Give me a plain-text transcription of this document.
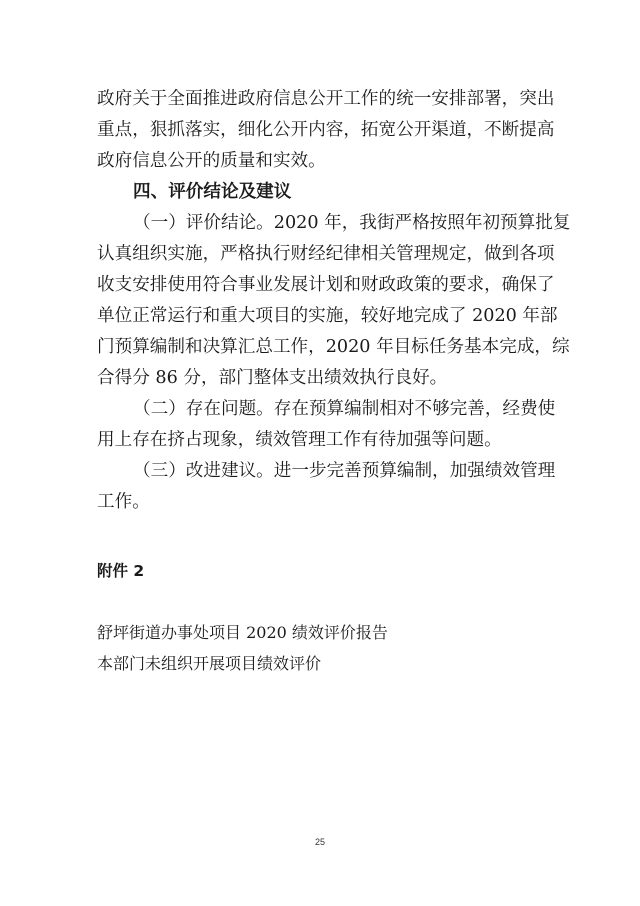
政府关于全面推进政府信息公开工作的统一安排部署，突出
重点，狠抓落实，细化公开内容，拓宽公开渠道，不断提高
政府信息公开的质量和实效。
四、评价结论及建议
（一）评价结论。2020 年，我街严格按照年初预算批复
认真组织实施，严格执行财经纪律相关管理规定，做到各项
收支安排使用符合事业发展计划和财政政策的要求，确保了
单位正常运行和重大项目的实施，较好地完成了 2020 年部
门预算编制和决算汇总工作，2020 年目标任务基本完成，综
合得分 86 分，部门整体支出绩效执行良好。
（二）存在问题。存在预算编制相对不够完善，经费使
用上存在挤占现象，绩效管理工作有待加强等问题。
（三）改进建议。进一步完善预算编制，加强绩效管理
工作。
附件 2
舒坪街道办事处项目 2020 绩效评价报告
本部门未组织开展项目绩效评价
25
